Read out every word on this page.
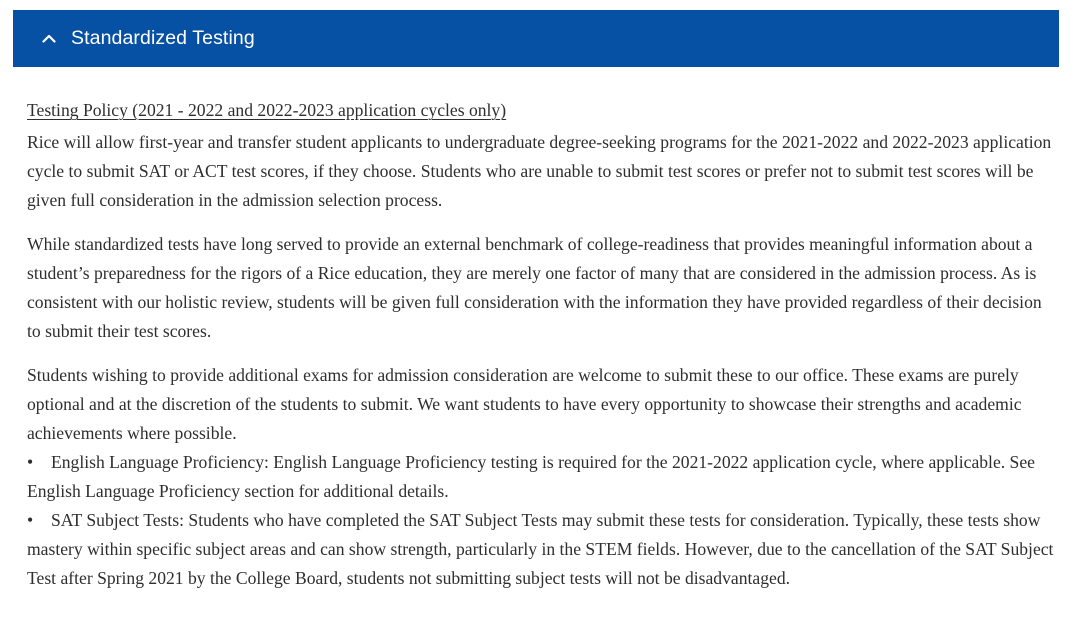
Standardized Testing

Testing Policy (2021 - 2022 and 2022-2023 application cycles only)

Rice will allow first-year and transfer student applicants to undergraduate degree-seeking programs for the 2021-2022 and 2022-2023 application cycle to submit SAT or ACT test scores, if they choose. Students who are unable to submit test scores or prefer not to submit test scores will be given full consideration in the admission selection process.

While standardized tests have long served to provide an external benchmark of college-readiness that provides meaningful information about a student’s preparedness for the rigors of a Rice education, they are merely one factor of many that are considered in the admission process. As is consistent with our holistic review, students will be given full consideration with the information they have provided regardless of their decision to submit their test scores.

Students wishing to provide additional exams for admission consideration are welcome to submit these to our office. These exams are purely optional and at the discretion of the students to submit. We want students to have every opportunity to showcase their strengths and academic achievements where possible.

• English Language Proficiency: English Language Proficiency testing is required for the 2021-2022 application cycle, where applicable. See English Language Proficiency section for additional details.

• SAT Subject Tests: Students who have completed the SAT Subject Tests may submit these tests for consideration. Typically, these tests show mastery within specific subject areas and can show strength, particularly in the STEM fields. However, due to the cancellation of the SAT Subject Test after Spring 2021 by the College Board, students not submitting subject tests will not be disadvantaged.
